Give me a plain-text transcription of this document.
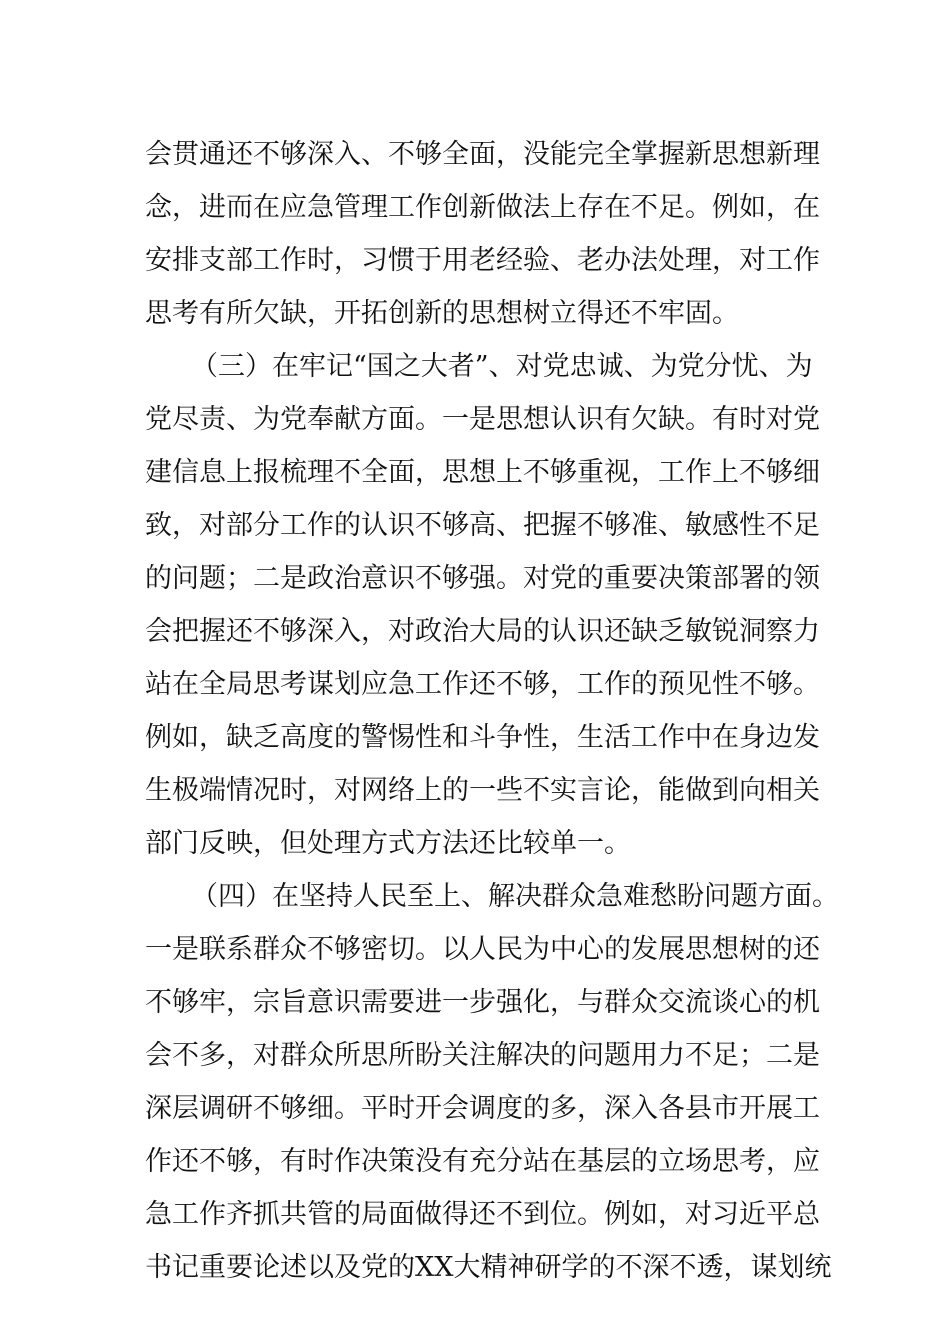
会贯通还不够深入、不够全面，没能完全掌握新思想新理
念，进而在应急管理工作创新做法上存在不足。例如，在
安排支部工作时，习惯于用老经验、老办法处理，对工作
思考有所欠缺，开拓创新的思想树立得还不牢固。
（三）在牢记“国之大者”、对党忠诚、为党分忧、为
党尽责、为党奉献方面。一是思想认识有欠缺。有时对党
建信息上报梳理不全面，思想上不够重视，工作上不够细
致，对部分工作的认识不够高、把握不够准、敏感性不足
的问题；二是政治意识不够强。对党的重要决策部署的领
会把握还不够深入，对政治大局的认识还缺乏敏锐洞察力
站在全局思考谋划应急工作还不够，工作的预见性不够。
例如，缺乏高度的警惕性和斗争性，生活工作中在身边发
生极端情况时，对网络上的一些不实言论，能做到向相关
部门反映，但处理方式方法还比较单一。
（四）在坚持人民至上、解决群众急难愁盼问题方面。
一是联系群众不够密切。以人民为中心的发展思想树的还
不够牢，宗旨意识需要进一步强化，与群众交流谈心的机
会不多，对群众所思所盼关注解决的问题用力不足；二是
深层调研不够细。平时开会调度的多，深入各县市开展工
作还不够，有时作决策没有充分站在基层的立场思考，应
急工作齐抓共管的局面做得还不到位。例如，对习近平总
书记重要论述以及党的XX大精神研学的不深不透，谋划统
